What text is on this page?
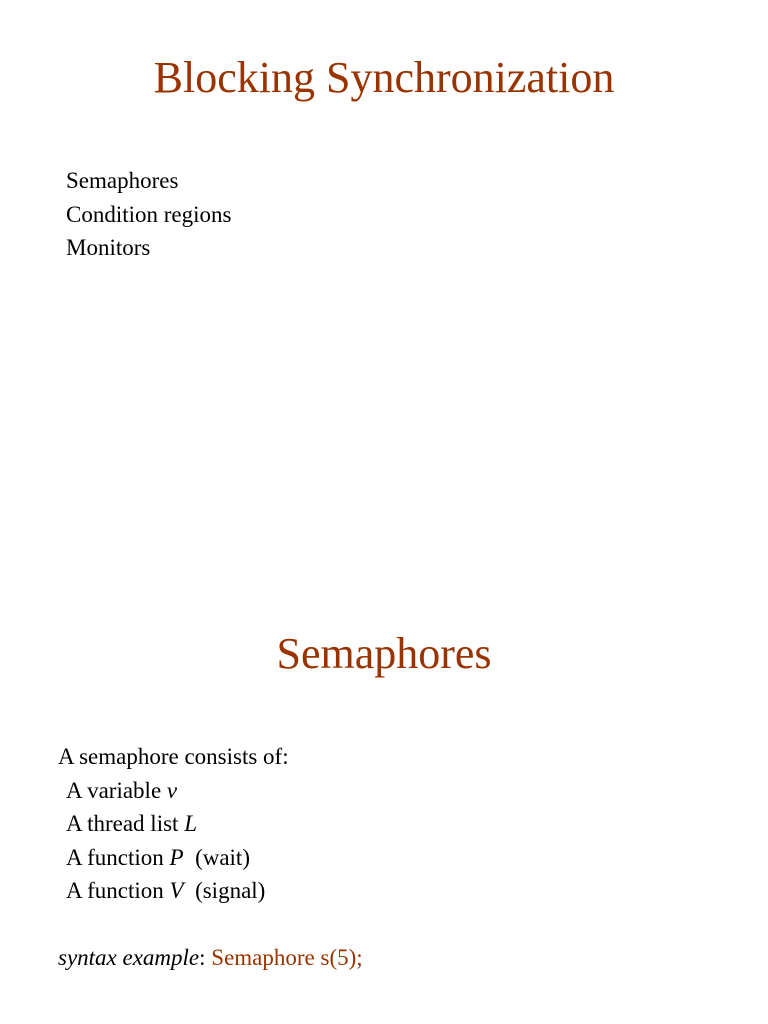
Blocking Synchronization
Semaphores
Condition regions
Monitors
Semaphores

A semaphore consists of:

A variable v
A thread list L
A function P  (wait)
A function V  (signal)

syntax example: Semaphore s(5);
